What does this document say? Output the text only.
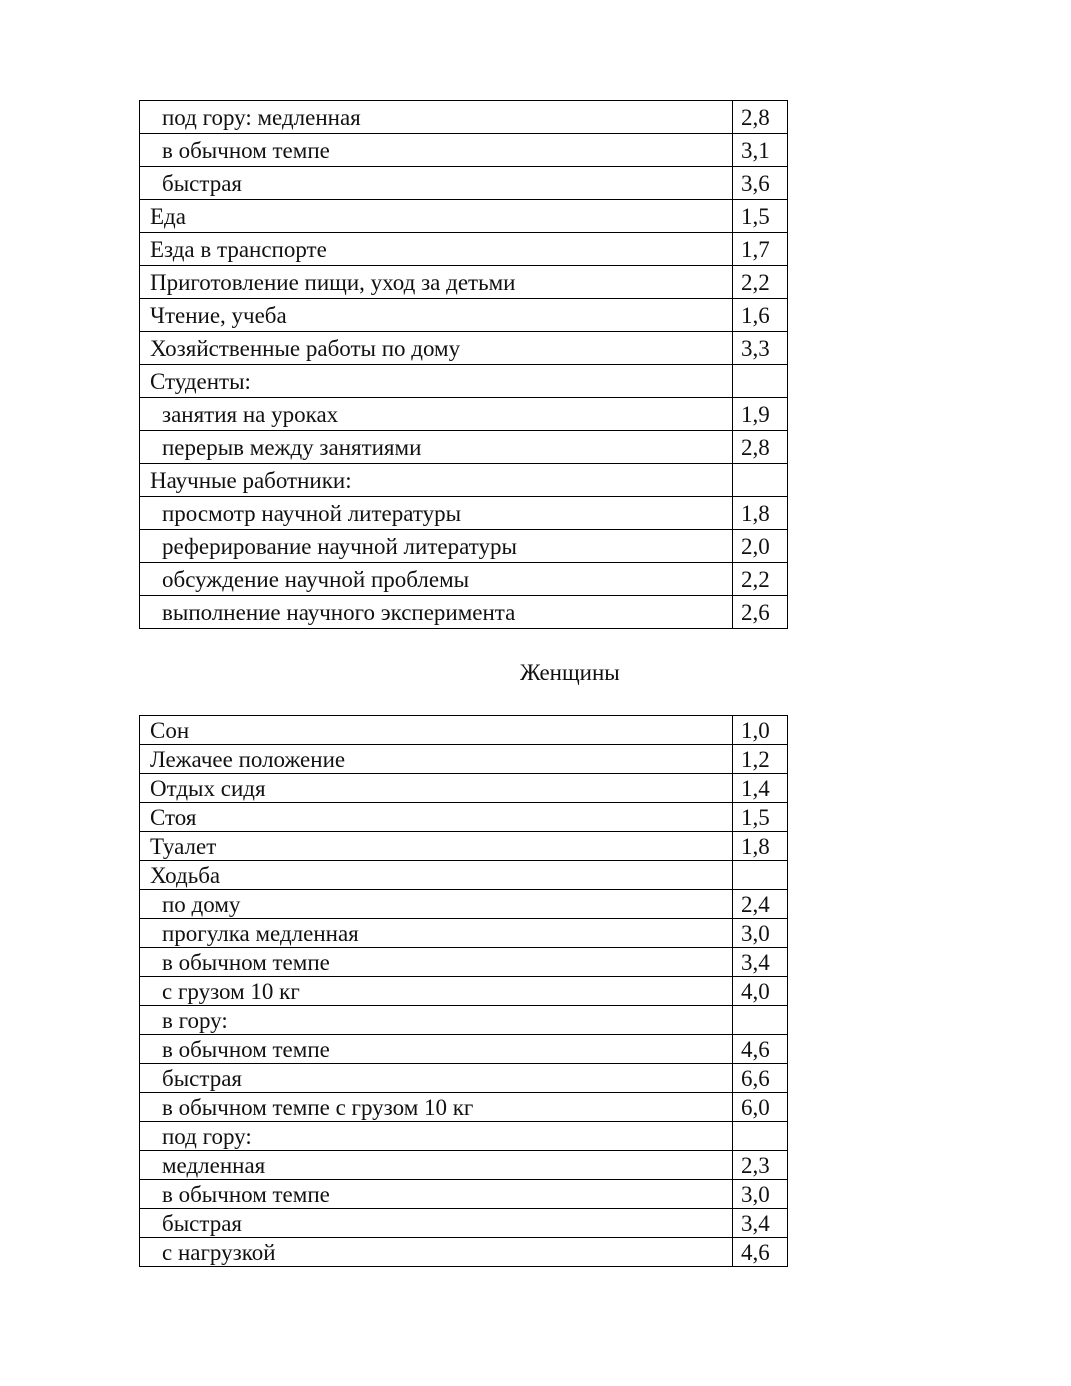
под гору: медленная	2,8
в обычном темпе	3,1
быстрая	3,6
Еда	1,5
Езда в транспорте	1,7
Приготовление пищи, уход за детьми	2,2
Чтение, учеба	1,6
Хозяйственные работы по дому	3,3
Студенты:	
занятия на уроках	1,9
перерыв между занятиями	2,8
Научные работники:	
просмотр научной литературы	1,8
реферирование научной литературы	2,0
обсуждение научной проблемы	2,2
выполнение научного эксперимента	2,6
Женщины
Сон	1,0
Лежачее положение	1,2
Отдых сидя	1,4
Стоя	1,5
Туалет	1,8
Ходьба	
по дому	2,4
прогулка медленная	3,0
в обычном темпе	3,4
с грузом 10 кг	4,0
в гору:	
в обычном темпе	4,6
быстрая	6,6
в обычном темпе с грузом 10 кг	6,0
под гору:	
медленная	2,3
в обычном темпе	3,0
быстрая	3,4
с нагрузкой	4,6
